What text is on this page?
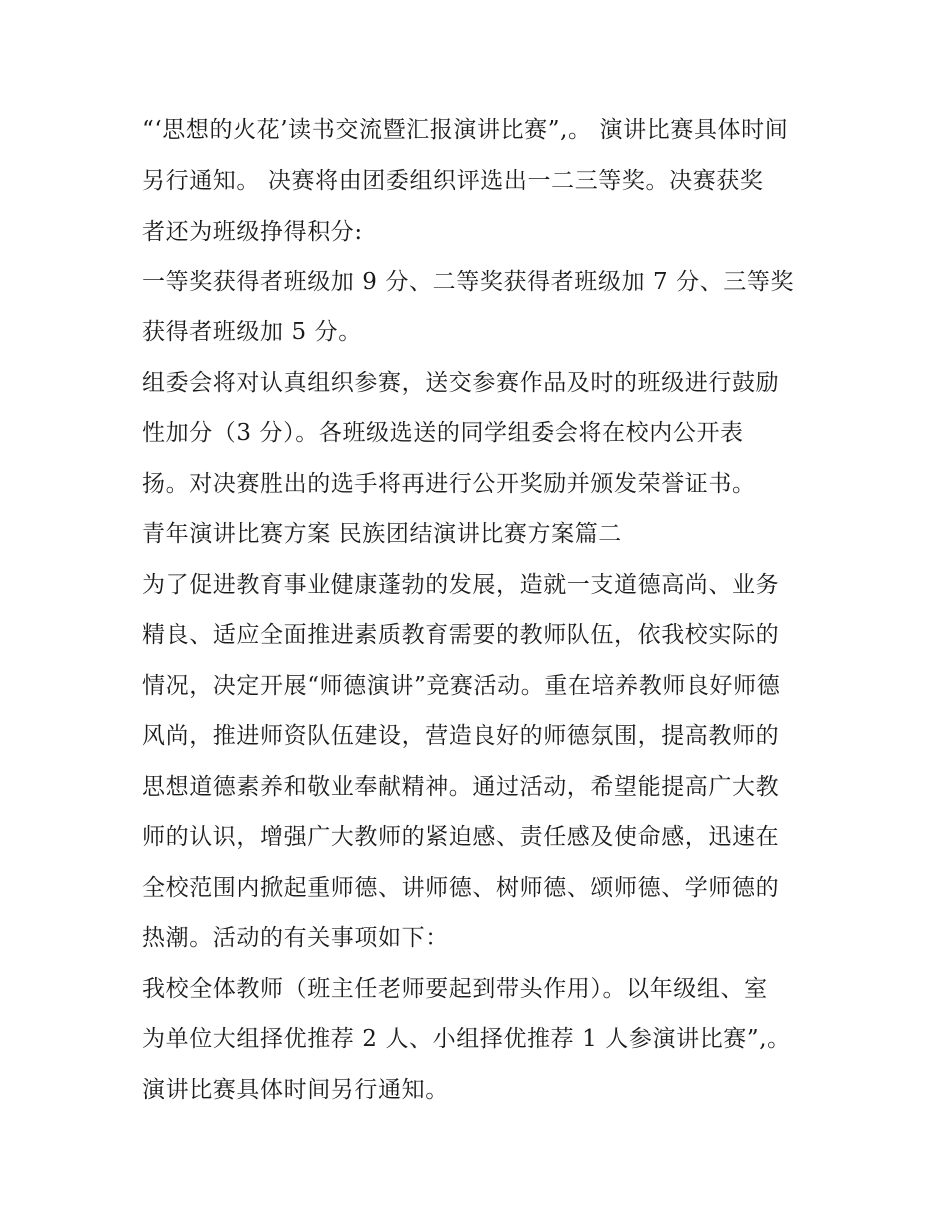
“‘思想的火花’读书交流暨汇报演讲比赛”,。 演讲比赛具体时间
另行通知。 决赛将由团委组织评选出一二三等奖。决赛获奖
者还为班级挣得积分:
一等奖获得者班级加 9 分、二等奖获得者班级加 7 分、三等奖
获得者班级加 5 分。
组委会将对认真组织参赛，送交参赛作品及时的班级进行鼓励
性加分（3 分）。各班级选送的同学组委会将在校内公开表
扬。对决赛胜出的选手将再进行公开奖励并颁发荣誉证书。
青年演讲比赛方案 民族团结演讲比赛方案篇二
为了促进教育事业健康蓬勃的发展，造就一支道德高尚、业务
精良、适应全面推进素质教育需要的教师队伍，依我校实际的
情况，决定开展“师德演讲”竞赛活动。重在培养教师良好师德
风尚，推进师资队伍建设，营造良好的师德氛围，提高教师的
思想道德素养和敬业奉献精神。通过活动，希望能提高广大教
师的认识，增强广大教师的紧迫感、责任感及使命感，迅速在
全校范围内掀起重师德、讲师德、树师德、颂师德、学师德的
热潮。活动的有关事项如下：
我校全体教师（班主任老师要起到带头作用）。以年级组、室
为单位大组择优推荐 2 人、小组择优推荐 1 人参演讲比赛”,。
演讲比赛具体时间另行通知。
